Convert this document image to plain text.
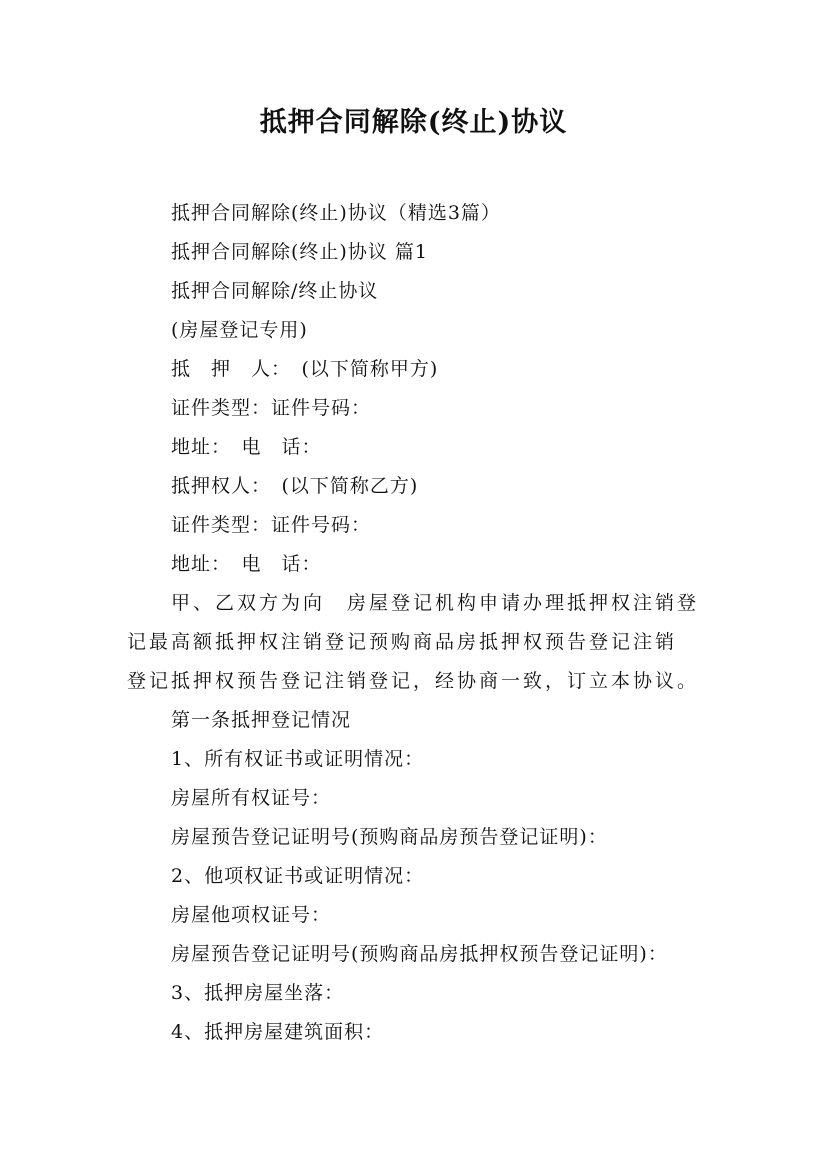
抵押合同解除(终止)协议
抵押合同解除(终止)协议（精选3篇）
抵押合同解除(终止)协议 篇1
抵押合同解除/终止协议
(房屋登记专用)
抵　押　人：　(以下简称甲方)
证件类型：证件号码：
地址：　电　话：
抵押权人：　(以下简称乙方)
证件类型：证件号码：
地址：　电　话：
甲、乙双方为向　房屋登记机构申请办理抵押权注销登
记最高额抵押权注销登记预购商品房抵押权预告登记注销
登记抵押权预告登记注销登记，经协商一致，订立本协议。
第一条抵押登记情况
1、所有权证书或证明情况：
房屋所有权证号：
房屋预告登记证明号(预购商品房预告登记证明)：
2、他项权证书或证明情况：
房屋他项权证号：
房屋预告登记证明号(预购商品房抵押权预告登记证明)：
3、抵押房屋坐落：
4、抵押房屋建筑面积：
